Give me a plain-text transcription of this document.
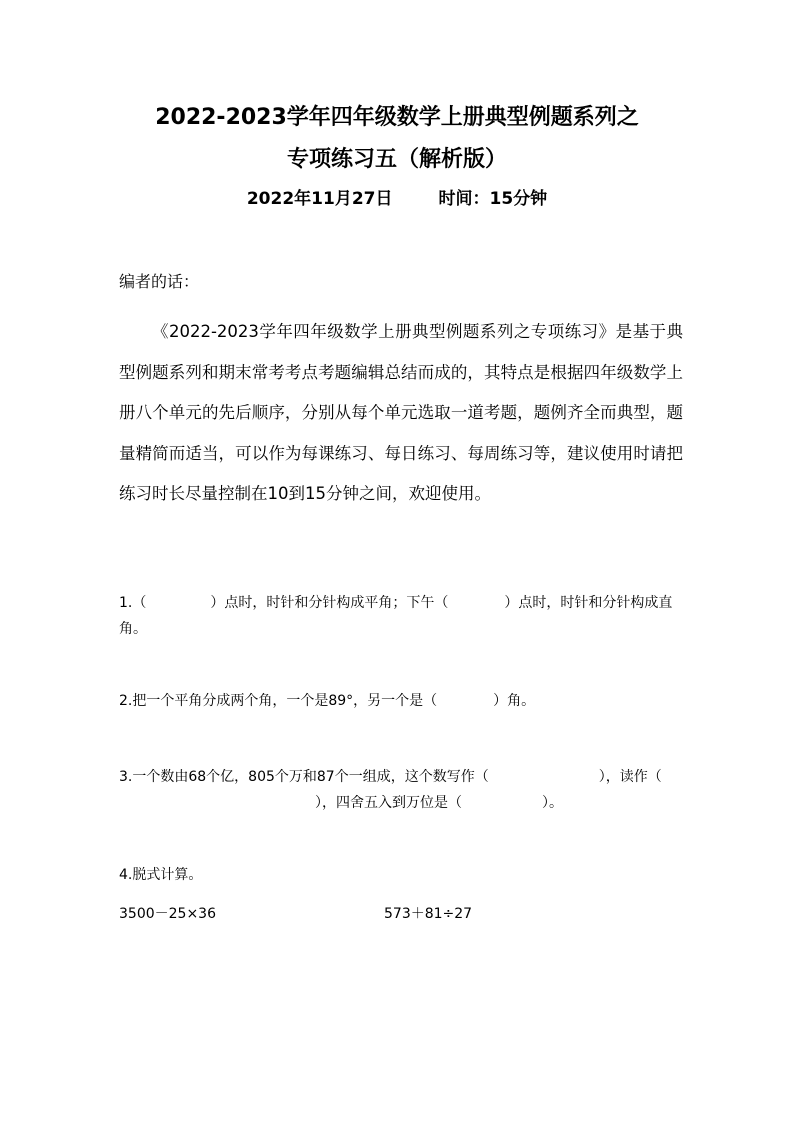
2022-2023学年四年级数学上册典型例题系列之
专项练习五（解析版）
2022年11月27日	时间：15分钟
编者的话：
《2022-2023学年四年级数学上册典型例题系列之专项练习》是基于典型例题系列和期末常考考点考题编辑总结而成的，其特点是根据四年级数学上册八个单元的先后顺序，分别从每个单元选取一道考题，题例齐全而典型，题量精简而适当，可以作为每课练习、每日练习、每周练习等，建议使用时请把练习时长尽量控制在10到15分钟之间，欢迎使用。
1.（	）点时，时针和分针构成平角；下午（	）点时，时针和分针构成直角。
2.把一个平角分成两个角，一个是89°，另一个是（	）角。
3.一个数由68个亿，805个万和87个一组成，这个数写作（	），读作（），四舍五入到万位是（	）。
4.脱式计算。
3500－25×36	573＋81÷27
